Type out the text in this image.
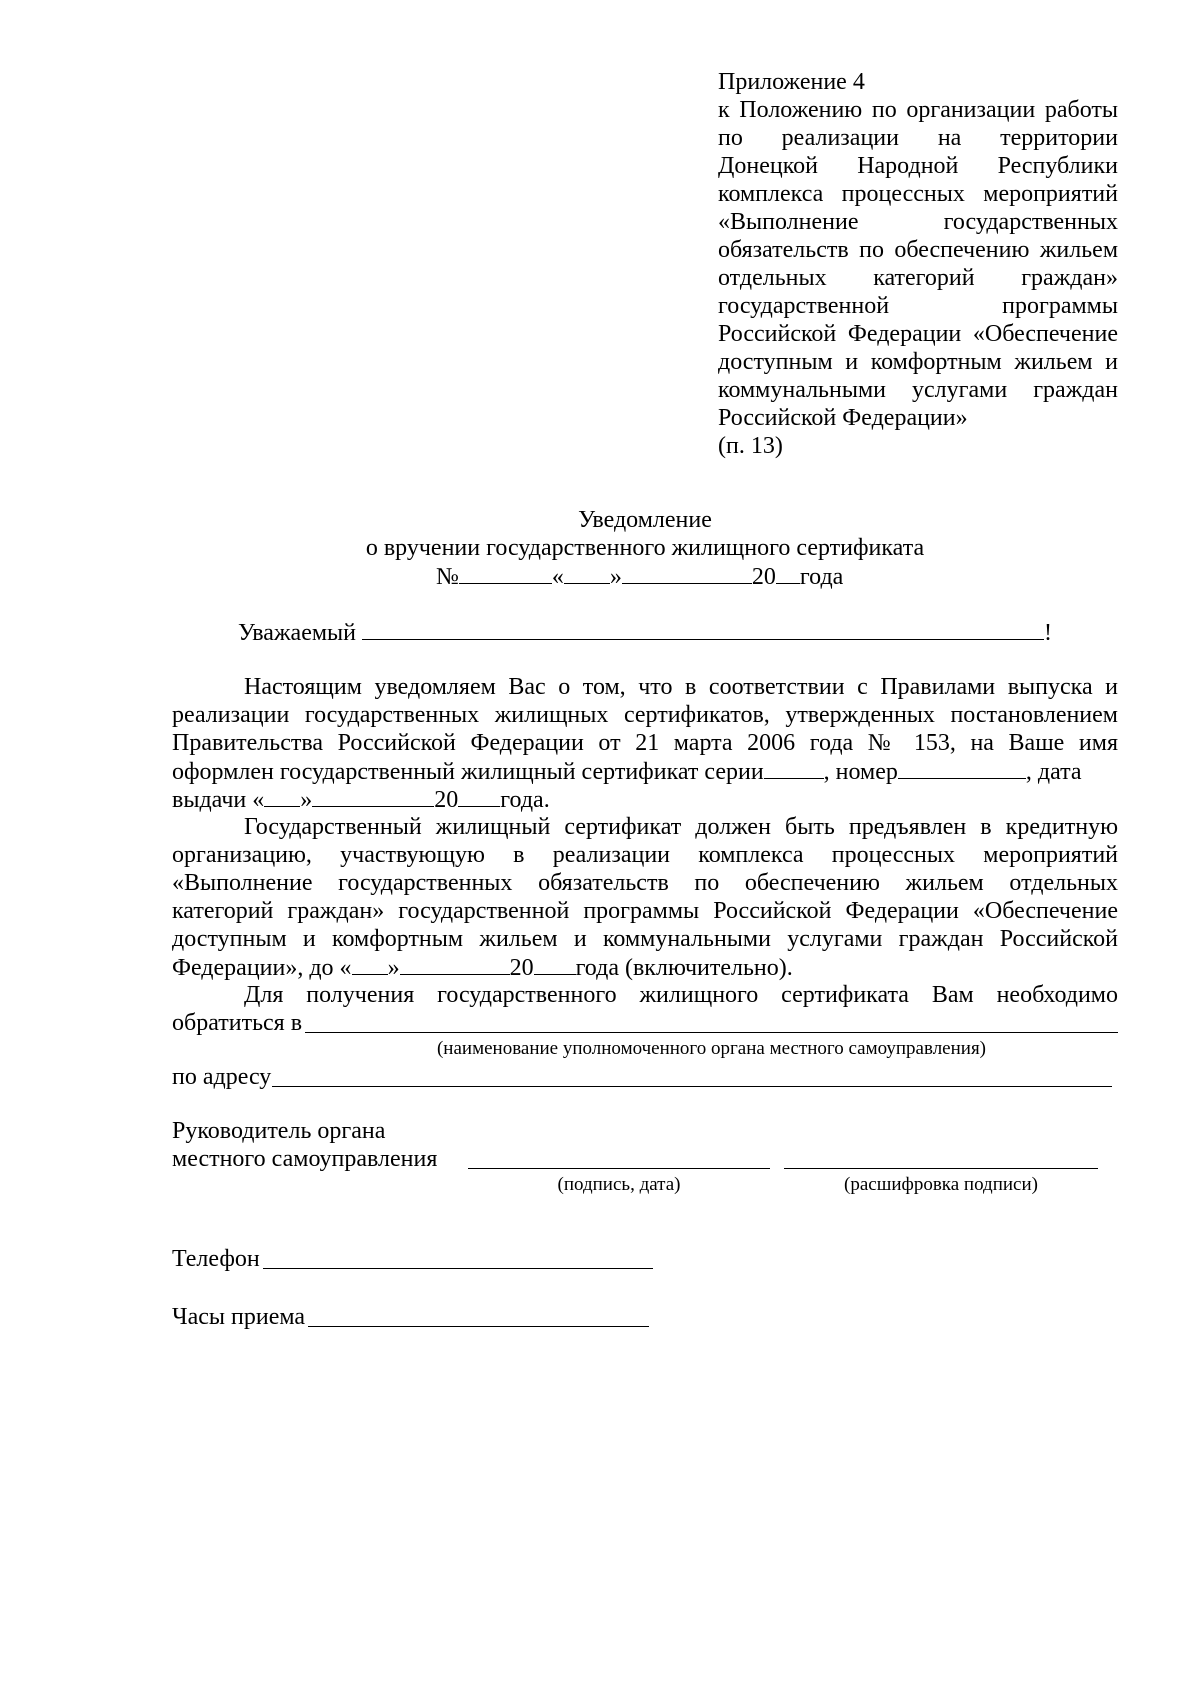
Приложение 4
к Положению по организации работы
по реализации на территории
Донецкой Народной Республики
комплекса процессных мероприятий
«Выполнение государственных
обязательств по обеспечению жильем
отдельных категорий граждан»
государственной программы
Российской Федерации «Обеспечение
доступным и комфортным жильем и
коммунальными услугами граждан
Российской Федерации»
(п. 13)
Уведомление
о вручении государственного жилищного сертификата
№	« »	20 года
Уважаемый	!
Настоящим уведомляем Вас о том, что в соответствии с Правилами выпуска и
реализации государственных жилищных сертификатов, утвержденных постановлением
Правительства Российской Федерации от 21 марта 2006 года № 153, на Ваше имя
оформлен государственный жилищный сертификат серии	, номер	, дата
выдачи « »	20 года.
Государственный жилищный сертификат должен быть предъявлен в кредитную
организацию, участвующую в реализации комплекса процессных мероприятий
«Выполнение государственных обязательств по обеспечению жильем отдельных
категорий граждан» государственной программы Российской Федерации «Обеспечение
доступным и комфортным жильем и коммунальными услугами граждан Российской
Федерации», до « »	20 года (включительно).
Для получения государственного жилищного сертификата Вам необходимо
обратиться в
(наименование уполномоченного органа местного самоуправления)
по адресу
Руководитель органа
местного самоуправления
(подпись, дата)	(расшифровка подписи)
Телефон
Часы приема
